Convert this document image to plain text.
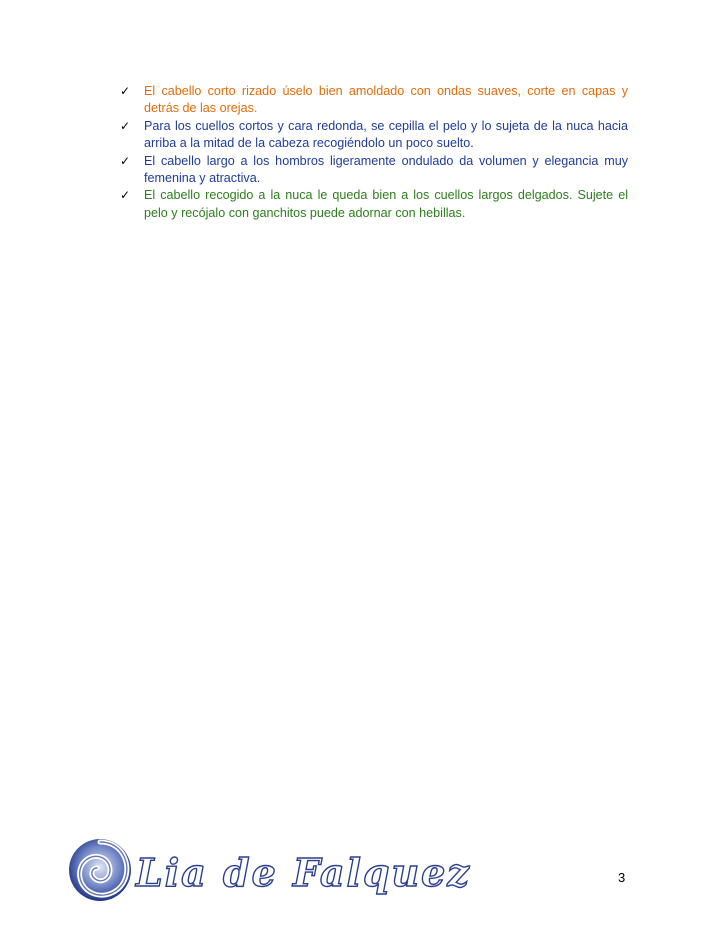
✓	El cabello corto rizado úselo bien amoldado con ondas suaves, corte en capas y detrás de las orejas.
✓	Para los cuellos cortos y cara redonda, se cepilla el pelo y lo sujeta de la nuca hacia arriba a la mitad de la cabeza recogiéndolo un poco suelto.
✓	El cabello largo a los hombros ligeramente ondulado da volumen y elegancia muy femenina y atractiva.
✓	El cabello recogido a la nuca le queda bien a los cuellos largos delgados. Sujete el pelo y recójalo con ganchitos puede adornar con hebillas.
Lia de Falquez	3
